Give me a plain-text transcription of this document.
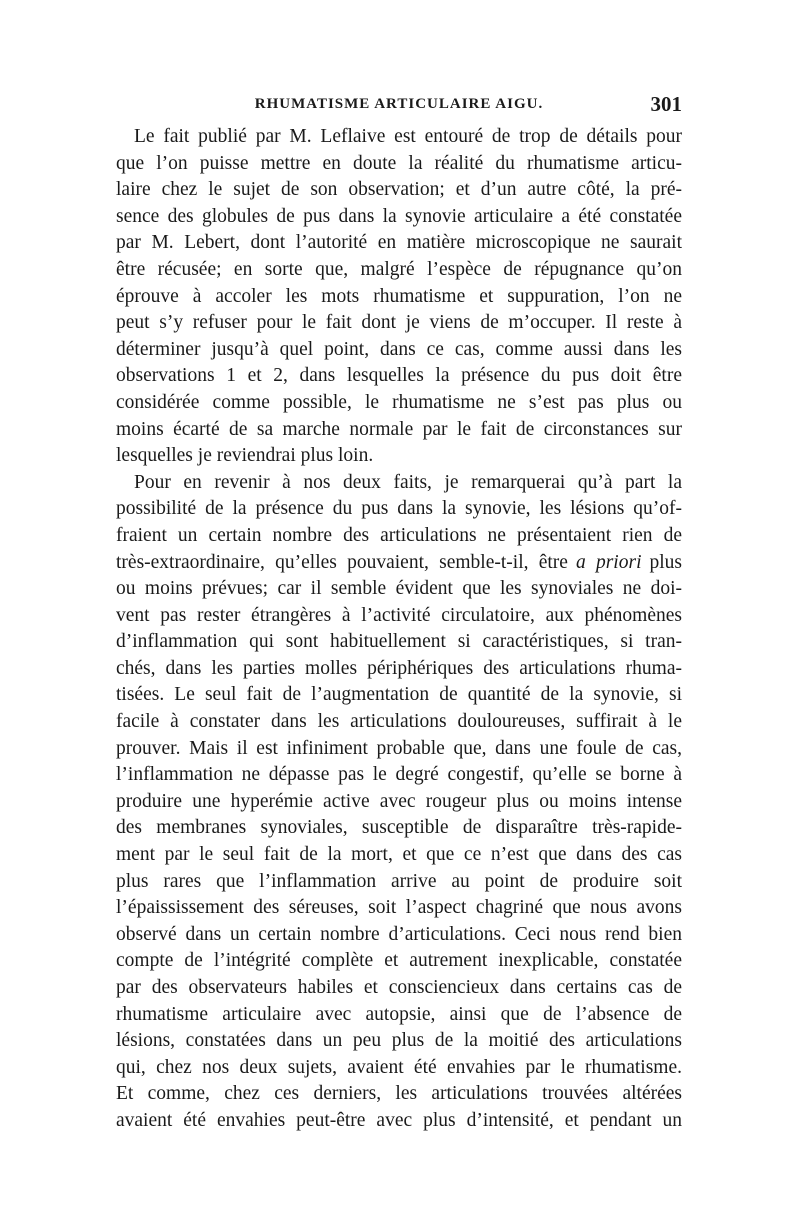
RHUMATISME ARTICULAIRE AIGU.	301
Le fait publié par M. Leflaive est entouré de trop de détails pour
que l’on puisse mettre en doute la réalité du rhumatisme articu-
laire chez le sujet de son observation; et d’un autre côté, la pré-
sence des globules de pus dans la synovie articulaire a été constatée
par M. Lebert, dont l’autorité en matière microscopique ne saurait
être récusée; en sorte que, malgré l’espèce de répugnance qu’on
éprouve à accoler les mots rhumatisme et suppuration, l’on ne
peut s’y refuser pour le fait dont je viens de m’occuper. Il reste à
déterminer jusqu’à quel point, dans ce cas, comme aussi dans les
observations 1 et 2, dans lesquelles la présence du pus doit être
considérée comme possible, le rhumatisme ne s’est pas plus ou
moins écarté de sa marche normale par le fait de circonstances sur
lesquelles je reviendrai plus loin.
Pour en revenir à nos deux faits, je remarquerai qu’à part la
possibilité de la présence du pus dans la synovie, les lésions qu’of-
fraient un certain nombre des articulations ne présentaient rien de
très-extraordinaire, qu’elles pouvaient, semble-t-il, être a priori plus
ou moins prévues; car il semble évident que les synoviales ne doi-
vent pas rester étrangères à l’activité circulatoire, aux phénomènes
d’inflammation qui sont habituellement si caractéristiques, si tran-
chés, dans les parties molles périphériques des articulations rhuma-
tisées. Le seul fait de l’augmentation de quantité de la synovie, si
facile à constater dans les articulations douloureuses, suffirait à le
prouver. Mais il est infiniment probable que, dans une foule de cas,
l’inflammation ne dépasse pas le degré congestif, qu’elle se borne à
produire une hyperémie active avec rougeur plus ou moins intense
des membranes synoviales, susceptible de disparaître très-rapide-
ment par le seul fait de la mort, et que ce n’est que dans des cas
plus rares que l’inflammation arrive au point de produire soit
l’épaississement des séreuses, soit l’aspect chagriné que nous avons
observé dans un certain nombre d’articulations. Ceci nous rend bien
compte de l’intégrité complète et autrement inexplicable, constatée
par des observateurs habiles et consciencieux dans certains cas de
rhumatisme articulaire avec autopsie, ainsi que de l’absence de
lésions, constatées dans un peu plus de la moitié des articulations
qui, chez nos deux sujets, avaient été envahies par le rhumatisme.
Et comme, chez ces derniers, les articulations trouvées altérées
avaient été envahies peut-être avec plus d’intensité, et pendant un
